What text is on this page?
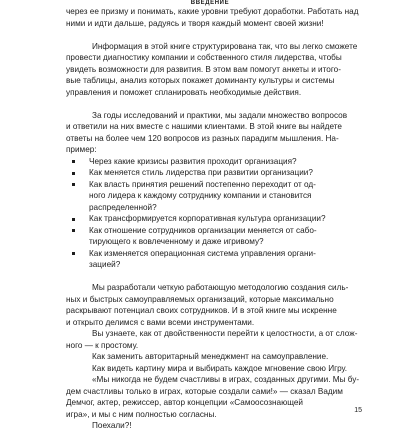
ВВЕДЕНИЕ

через ее призму и понимать, какие уровни требуют доработки. Работать над

ними и идти дальше, радуясь и творя каждый момент своей жизни!

Информация в этой книге структурирована так, что вы легко сможете

провести диагностику компании и собственного стиля лидерства, чтобы

увидеть возможности для развития. В этом вам помогут анкеты и итого-

вые таблицы, анализ которых покажет доминанту культуры и системы

управления и поможет спланировать необходимые действия.

За годы исследований и практики, мы задали множество вопросов

и ответили на них вместе с нашими клиентами. В этой книге вы найдете

ответы на более чем 120 вопросов из разных парадигм мышления. На-

пример:

Через какие кризисы развития проходит организация?
Как меняется стиль лидерства при развитии организации?
Как власть принятия решений постепенно переходит от од-
ного лидера к каждому сотруднику компании и становится
распределенной?
Как трансформируется корпоративная культура организации?
Как отношение сотрудников организации меняется от сабо-
тирующего к вовлеченному и даже игривому?
Как изменяется операционная система управления органи-
зацией?

Мы разработали четкую работающую методологию создания силь-

ных и быстрых самоуправляемых организаций, которые максимально

раскрывают потенциал своих сотрудников. И в этой книге мы искренне

и открыто делимся с вами всеми инструментами.

Вы узнаете, как от двойственности перейти к целостности, а от слож-

ного — к простому.

Как заменить авторитарный менеджмент на самоуправление.

Как видеть картину мира и выбирать каждое мгновение свою Игру.

«Мы никогда не будем счастливы в играх, созданных другими. Мы бу-

дем счастливы только в играх, которые создали сами!» — сказал Вадим

Демчог, актер, режиссер, автор концепции «Самоосознающей

игра», и мы с ним полностью согласны.

Поехали?!

15
